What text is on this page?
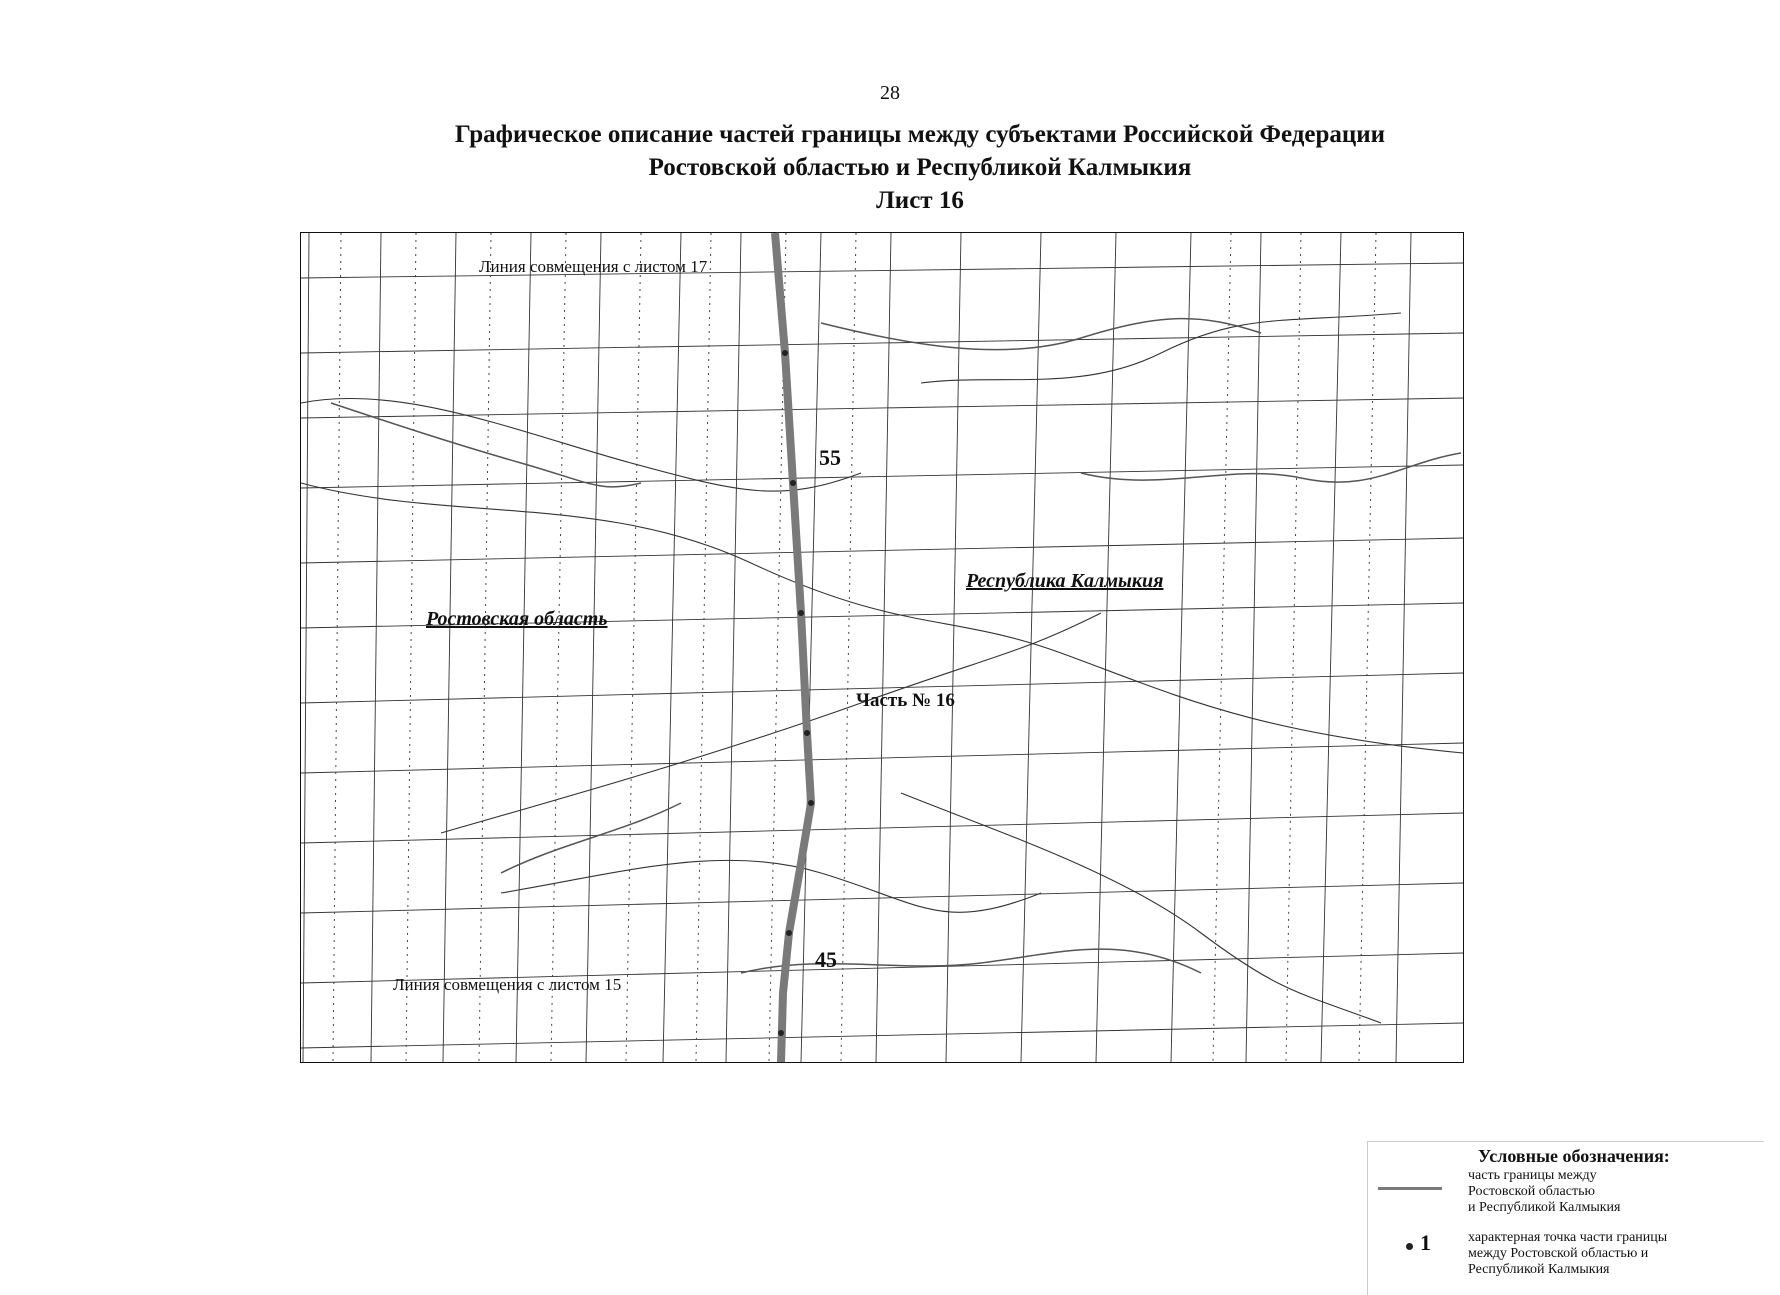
28
Графическое описание частей границы между субъектами Российской Федерации
Ростовской областью и Республикой Калмыкия
Лист 16
Линия совмещения с листом 17
Линия совмещения с листом 15
Ростовская область
Республика Калмыкия
Часть № 16
55
45
Условные обозначения:
часть границы между
Ростовской областью
и Республикой Калмыкия
1	характерная точка части границы
между Ростовской областью и
Республикой Калмыкия
